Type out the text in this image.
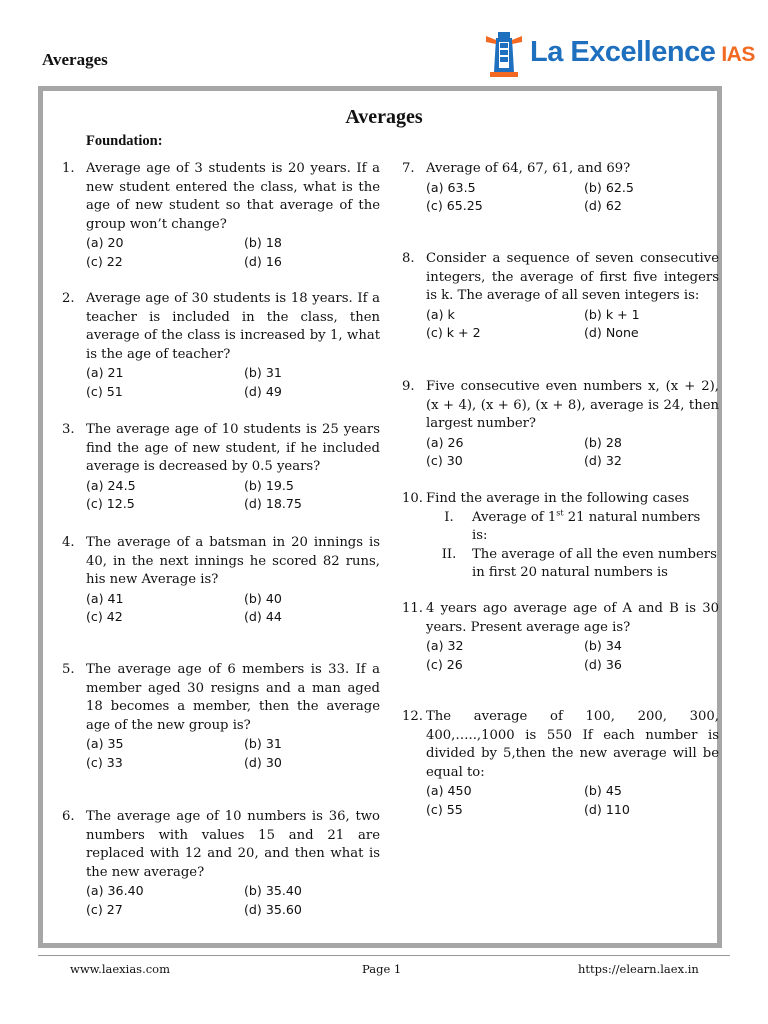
Averages	La Excellence IAS
Averages
Foundation:
1. Average age of 3 students is 20 years. If a new student entered the class, what is the age of new student so that average of the group won’t change?
(a) 20	(b) 18
(c) 22	(d) 16
2. Average age of 30 students is 18 years. If a teacher is included in the class, then average of the class is increased by 1, what is the age of teacher?
(a) 21	(b) 31
(c) 51	(d) 49
3. The average age of 10 students is 25 years find the age of new student, if he included average is decreased by 0.5 years?
(a) 24.5	(b) 19.5
(c) 12.5	(d) 18.75
4. The average of a batsman in 20 innings is 40, in the next innings he scored 82 runs, his new Average is?
(a) 41	(b) 40
(c) 42	(d) 44
5. The average age of 6 members is 33. If a member aged 30 resigns and a man aged 18 becomes a member, then the average age of the new group is?
(a) 35	(b) 31
(c) 33	(d) 30
6. The average age of 10 numbers is 36, two numbers with values 15 and 21 are replaced with 12 and 20, and then what is the new average?
(a) 36.40	(b) 35.40
(c) 27	(d) 35.60
7. Average of 64, 67, 61, and 69?
(a) 63.5	(b) 62.5
(c) 65.25	(d) 62
8. Consider a sequence of seven consecutive integers, the average of first five integers is k. The average of all seven integers is:
(a) k	(b) k + 1
(c) k + 2	(d) None
9. Five consecutive even numbers x, (x + 2), (x + 4), (x + 6), (x + 8), average is 24, then largest number?
(a) 26	(b) 28
(c) 30	(d) 32
10. Find the average in the following cases
I.	Average of 1st 21 natural numbers is:
II.	The average of all the even numbers in first 20 natural numbers is
11. 4 years ago average age of A and B is 30 years. Present average age is?
(a) 32	(b) 34
(c) 26	(d) 36
12. The average of 100, 200, 300, 400,…..,1000 is 550 If each number is divided by 5,then the new average will be equal to:
(a) 450	(b) 45
(c) 55	(d) 110
www.laexias.com	Page 1	https://elearn.laex.in
